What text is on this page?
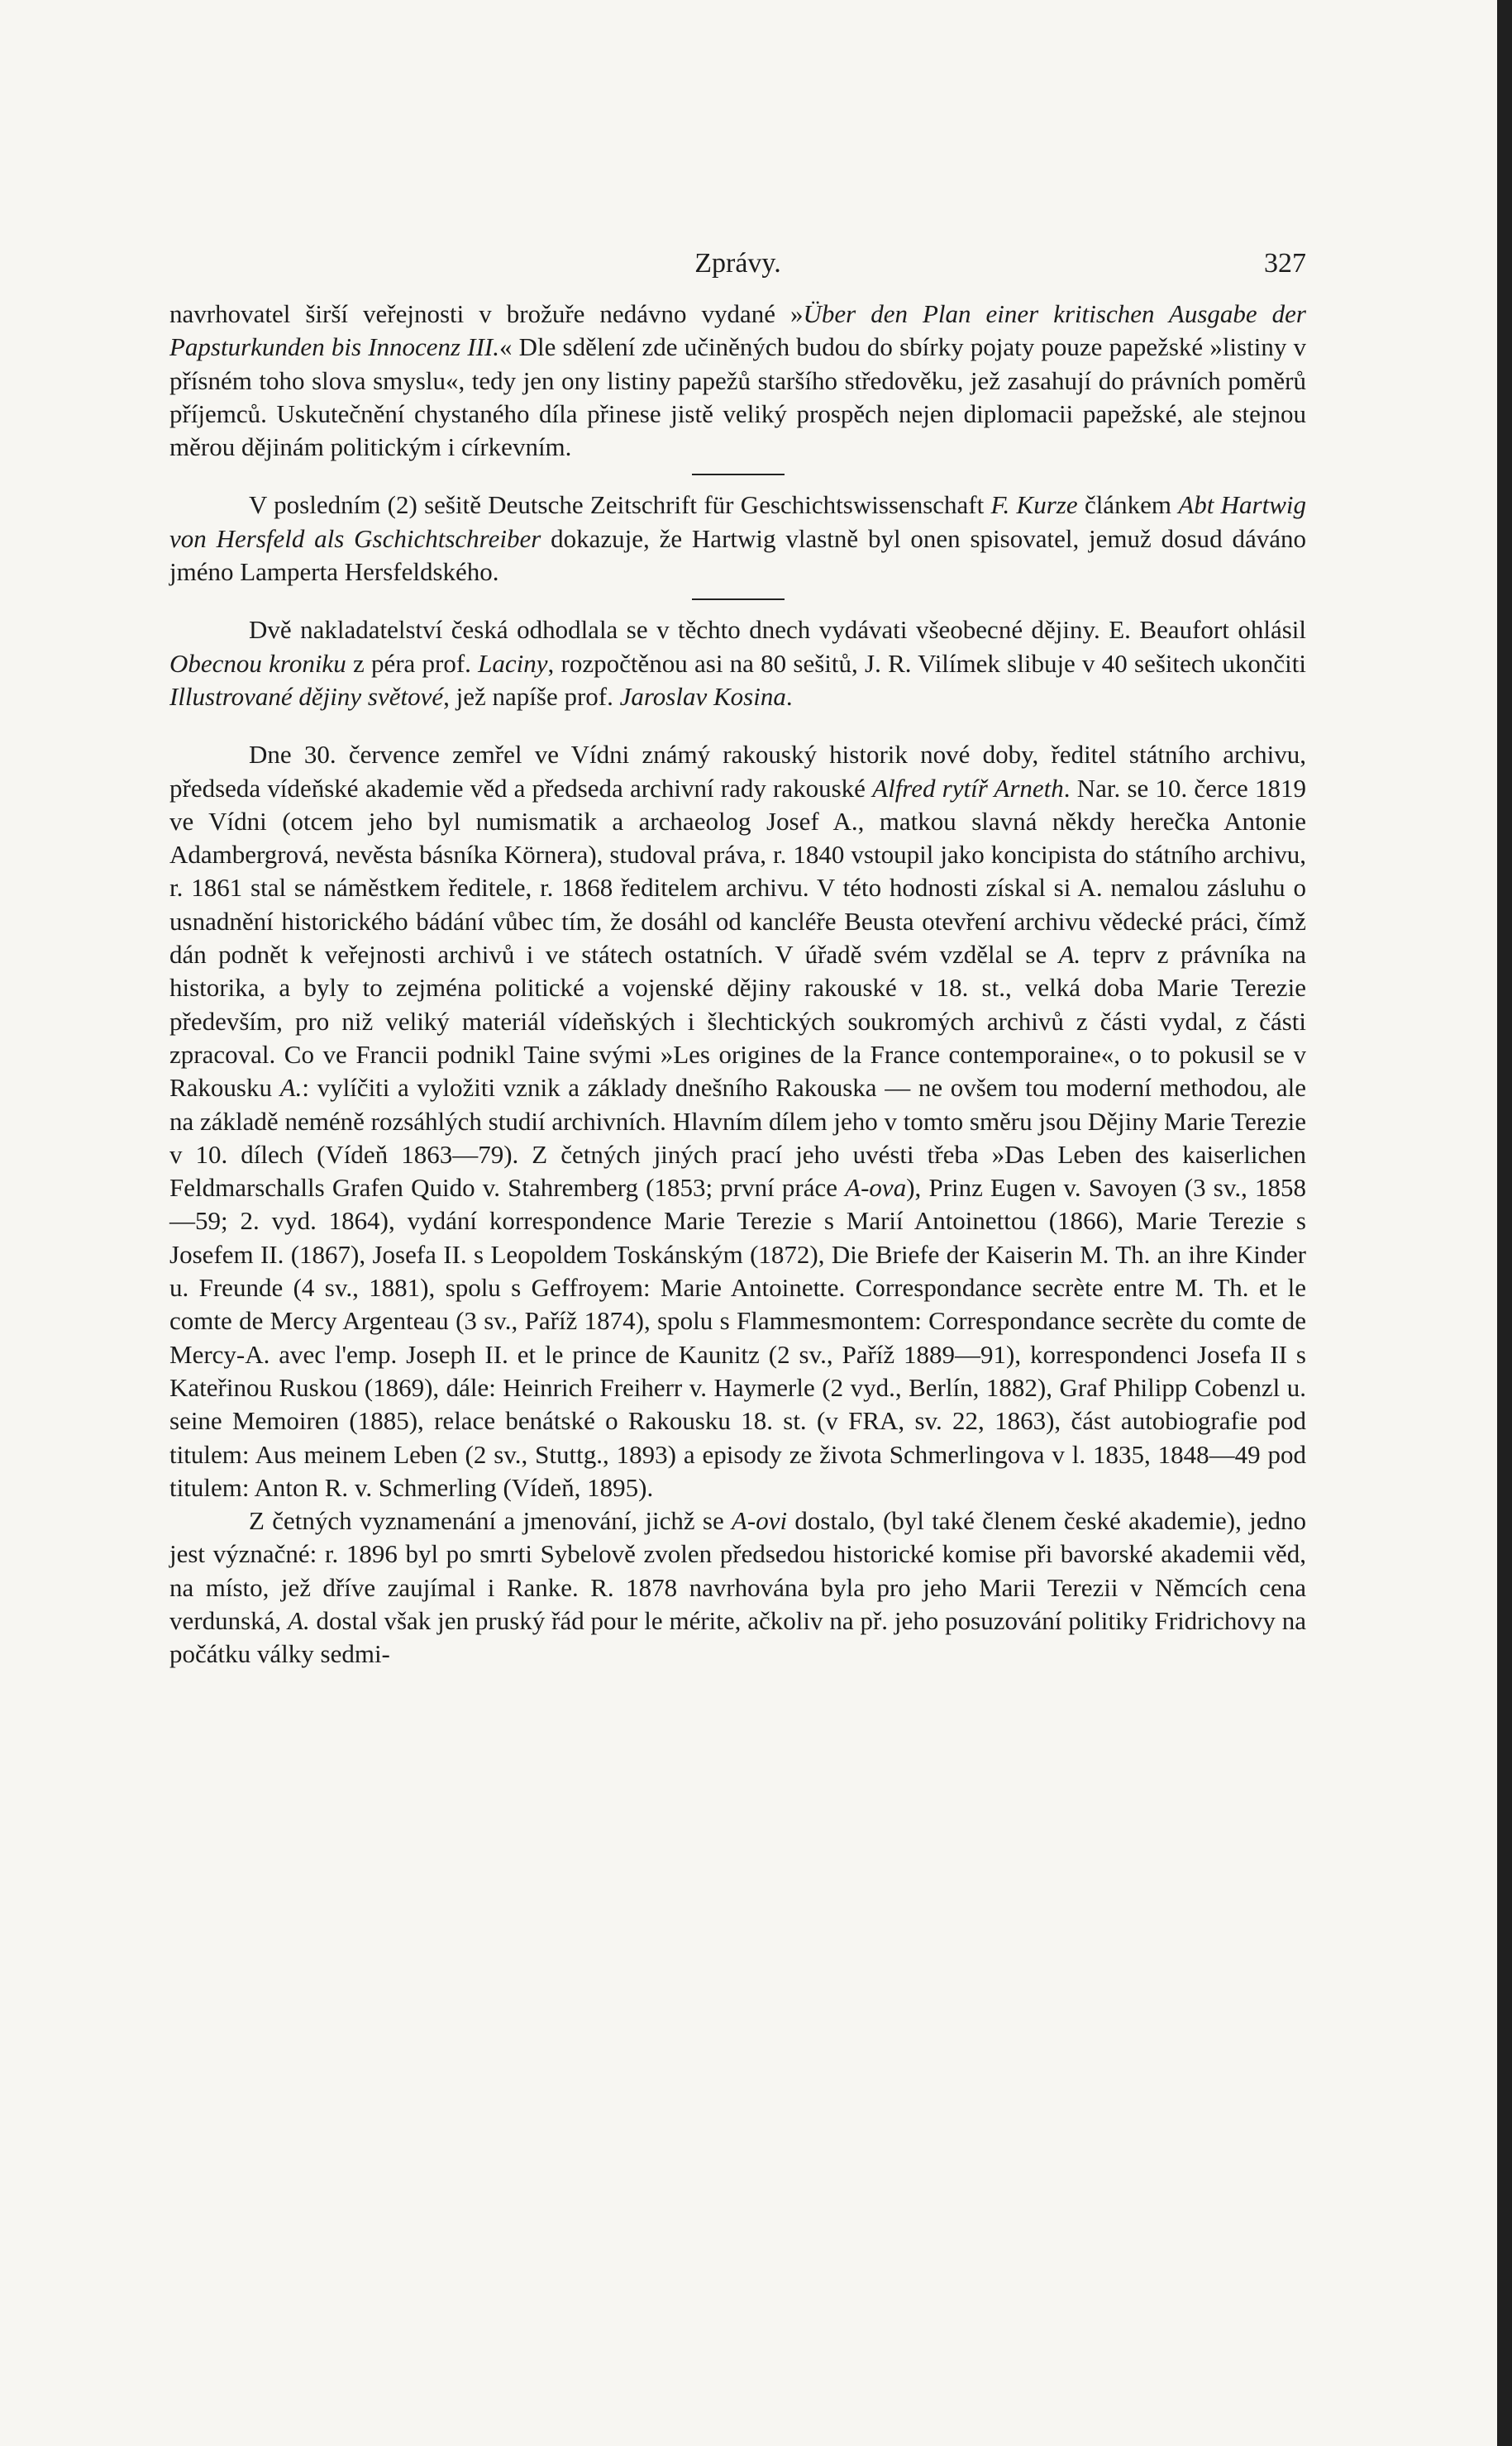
Zprávy.	327

navrhovatel širší veřejnosti v brožuře nedávno vydané »Über den Plan einer kritischen Ausgabe der Papsturkunden bis Innocenz III.« Dle sdělení zde učiněných budou do sbírky pojaty pouze papežské »listiny v přísném toho slova smyslu«, tedy jen ony listiny papežů staršího středověku, jež zasahují do právních poměrů příjemců. Uskutečnění chystaného díla přinese jistě veliký prospěch nejen diplomacii papežské, ale stejnou měrou dějinám politickým i církevním.

V posledním (2) sešitě Deutsche Zeitschrift für Geschichtswissenschaft F. Kurze článkem Abt Hartwig von Hersfeld als Gschichtschreiber dokazuje, že Hartwig vlastně byl onen spisovatel, jemuž dosud dáváno jméno Lamperta Hersfeldského.

Dvě nakladatelství česká odhodlala se v těchto dnech vydávati všeobecné dějiny. E. Beaufort ohlásil Obecnou kroniku z péra prof. Laciny, rozpočtěnou asi na 80 sešitů, J. R. Vilímek slibuje v 40 sešitech ukončiti Illustrované dějiny světové, jež napíše prof. Jaroslav Kosina.

Dne 30. července zemřel ve Vídni známý rakouský historik nové doby, ředitel státního archivu, předseda vídeňské akademie věd a předseda archivní rady rakouské Alfred rytíř Arneth. Nar. se 10. čerce 1819 ve Vídni (otcem jeho byl numismatik a archaeolog Josef A., matkou slavná někdy herečka Antonie Adambergrová, nevěsta básníka Körnera), studoval práva, r. 1840 vstoupil jako koncipista do státního archivu, r. 1861 stal se náměstkem ředitele, r. 1868 ředitelem archivu. V této hodnosti získal si A. nemalou zásluhu o usnadnění historického bádání vůbec tím, že dosáhl od kancléře Beusta otevření archivu vědecké práci, čímž dán podnět k veřejnosti archivů i ve státech ostatních. V úřadě svém vzdělal se A. teprv z právníka na historika, a byly to zejména politické a vojenské dějiny rakouské v 18. st., velká doba Marie Terezie především, pro niž veliký materiál vídeňských i šlechtických soukromých archivů z části vydal, z části zpracoval. Co ve Francii podnikl Taine svými »Les origines de la France contemporaine«, o to pokusil se v Rakousku A.: vylíčiti a vyložiti vznik a základy dnešního Rakouska — ne ovšem tou moderní methodou, ale na základě neméně rozsáhlých studií archivních. Hlavním dílem jeho v tomto směru jsou Dějiny Marie Terezie v 10. dílech (Vídeň 1863—79). Z četných jiných prací jeho uvésti třeba »Das Leben des kaiserlichen Feldmarschalls Grafen Quido v. Stahremberg (1853; první práce A-ova), Prinz Eugen v. Savoyen (3 sv., 1858—59; 2. vyd. 1864), vydání korrespondence Marie Terezie s Marií Antoinettou (1866), Marie Terezie s Josefem II. (1867), Josefa II. s Leopoldem Toskánským (1872), Die Briefe der Kaiserin M. Th. an ihre Kinder u. Freunde (4 sv., 1881), spolu s Geffroyem: Marie Antoinette. Correspondance secrète entre M. Th. et le comte de Mercy Argenteau (3 sv., Paříž 1874), spolu s Flammesmontem: Correspondance secrète du comte de Mercy-A. avec l'emp. Joseph II. et le prince de Kaunitz (2 sv., Paříž 1889—91), korrespondenci Josefa II s Kateřinou Ruskou (1869), dále: Heinrich Freiherr v. Haymerle (2 vyd., Berlín, 1882), Graf Philipp Cobenzl u. seine Memoiren (1885), relace benátské o Rakousku 18. st. (v FRA, sv. 22, 1863), část autobiografie pod titulem: Aus meinem Leben (2 sv., Stuttg., 1893) a episody ze života Schmerlingova v l. 1835, 1848—49 pod titulem: Anton R. v. Schmerling (Vídeň, 1895).

Z četných vyznamenání a jmenování, jichž se A-ovi dostalo, (byl také členem české akademie), jedno jest význačné: r. 1896 byl po smrti Sybelově zvolen předsedou historické komise při bavorské akademii věd, na místo, jež dříve zaujímal i Ranke. R. 1878 navrhována byla pro jeho Marii Terezii v Němcích cena verdunská, A. dostal však jen pruský řád pour le mérite, ačkoliv na př. jeho posuzování politiky Fridrichovy na počátku války sedmi-
